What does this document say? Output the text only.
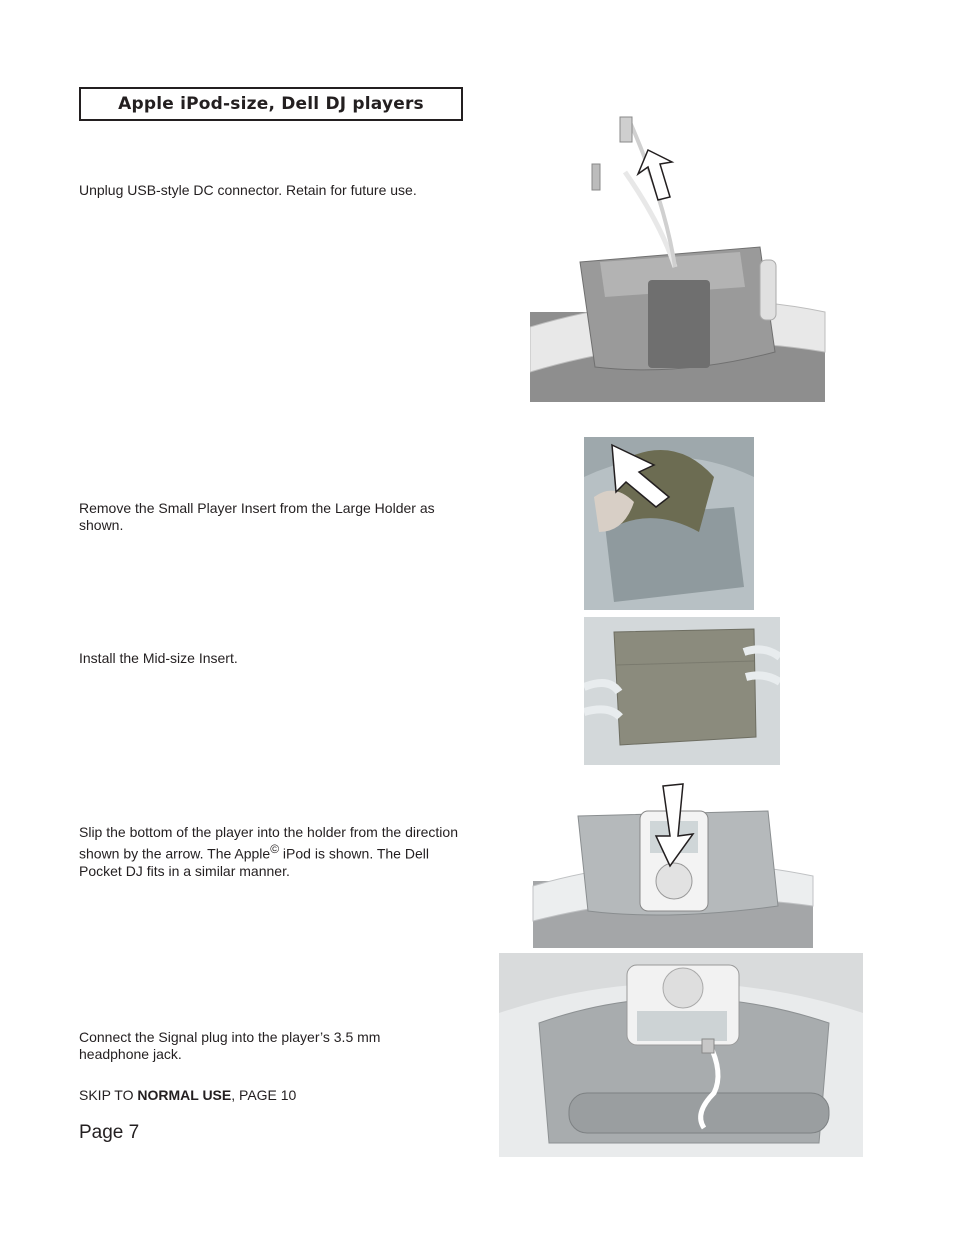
Apple iPod-size, Dell DJ players
Unplug USB-style DC connector. Retain for future use.
Remove the Small Player Insert from the Large Holder as shown.
Install the Mid-size Insert.
Slip the bottom of the player into the holder from the direction shown by the arrow. The Apple© iPod is shown. The Dell Pocket DJ fits in a similar manner.
Connect the Signal plug into the player’s 3.5 mm headphone jack.
SKIP TO NORMAL USE, PAGE 10
Page 7
